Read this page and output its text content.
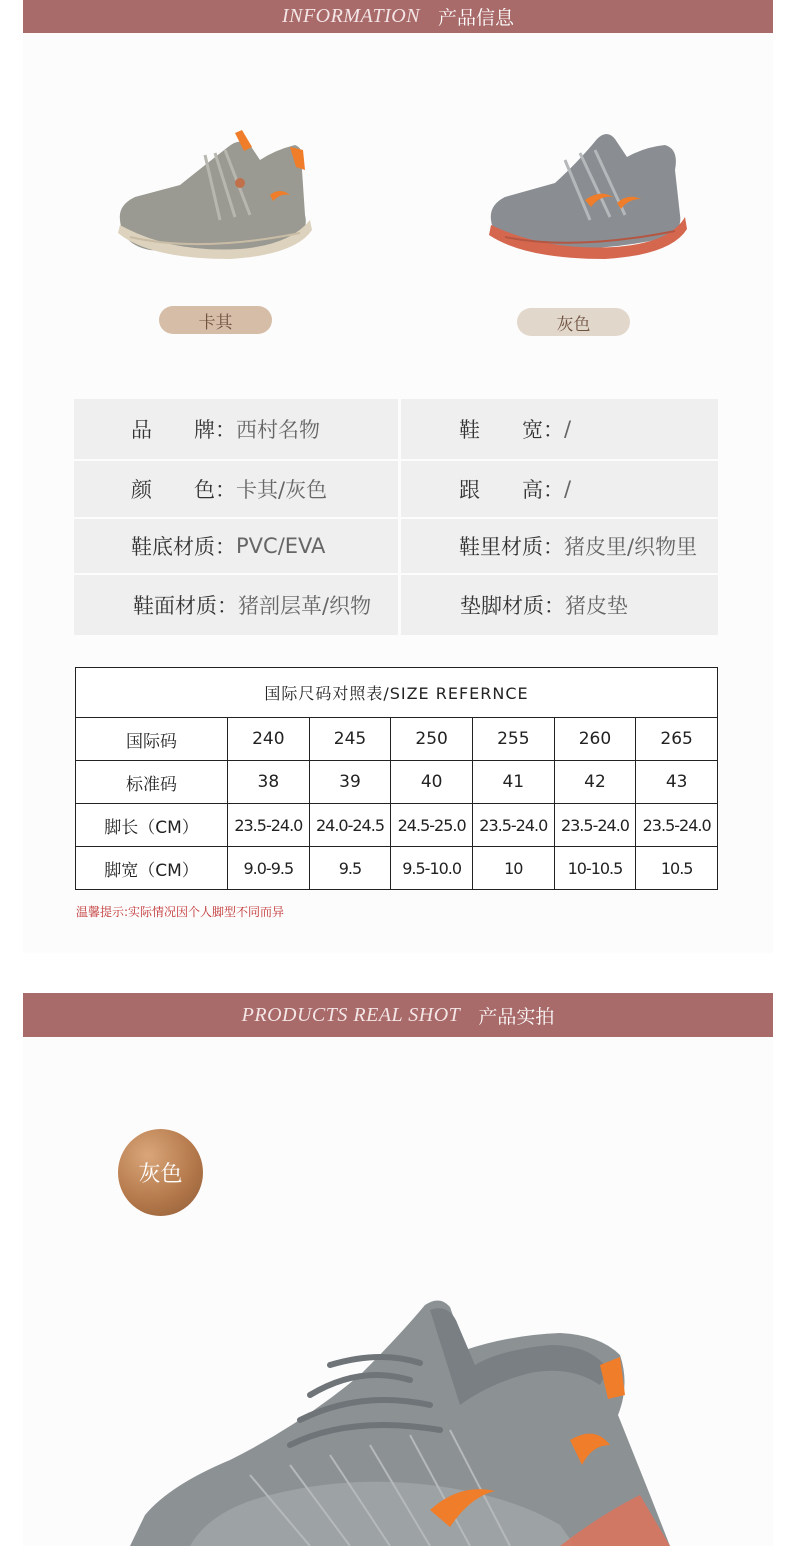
INFORMATION 产品信息
卡其	灰色
品　　牌： 西村名物	鞋　　宽： /
颜　　色： 卡其/灰色	跟　　高： /
鞋底材质： PVC/EVA	鞋里材质： 猪皮里/织物里
鞋面材质： 猪剖层革/织物	垫脚材质： 猪皮垫
国际尺码对照表/SIZE REFERNCE						
国际码	240	245	250	255	260	265
标准码	38	39	40	41	42	43
脚长（CM）	23.5-24.0	24.0-24.5	24.5-25.0	23.5-24.0	23.5-24.0	23.5-24.0
脚宽（CM）	9.0-9.5	9.5	9.5-10.0	10	10-10.5	10.5
温馨提示:实际情况因个人脚型不同而异
PRODUCTS REAL SHOT 产品实拍
灰色
